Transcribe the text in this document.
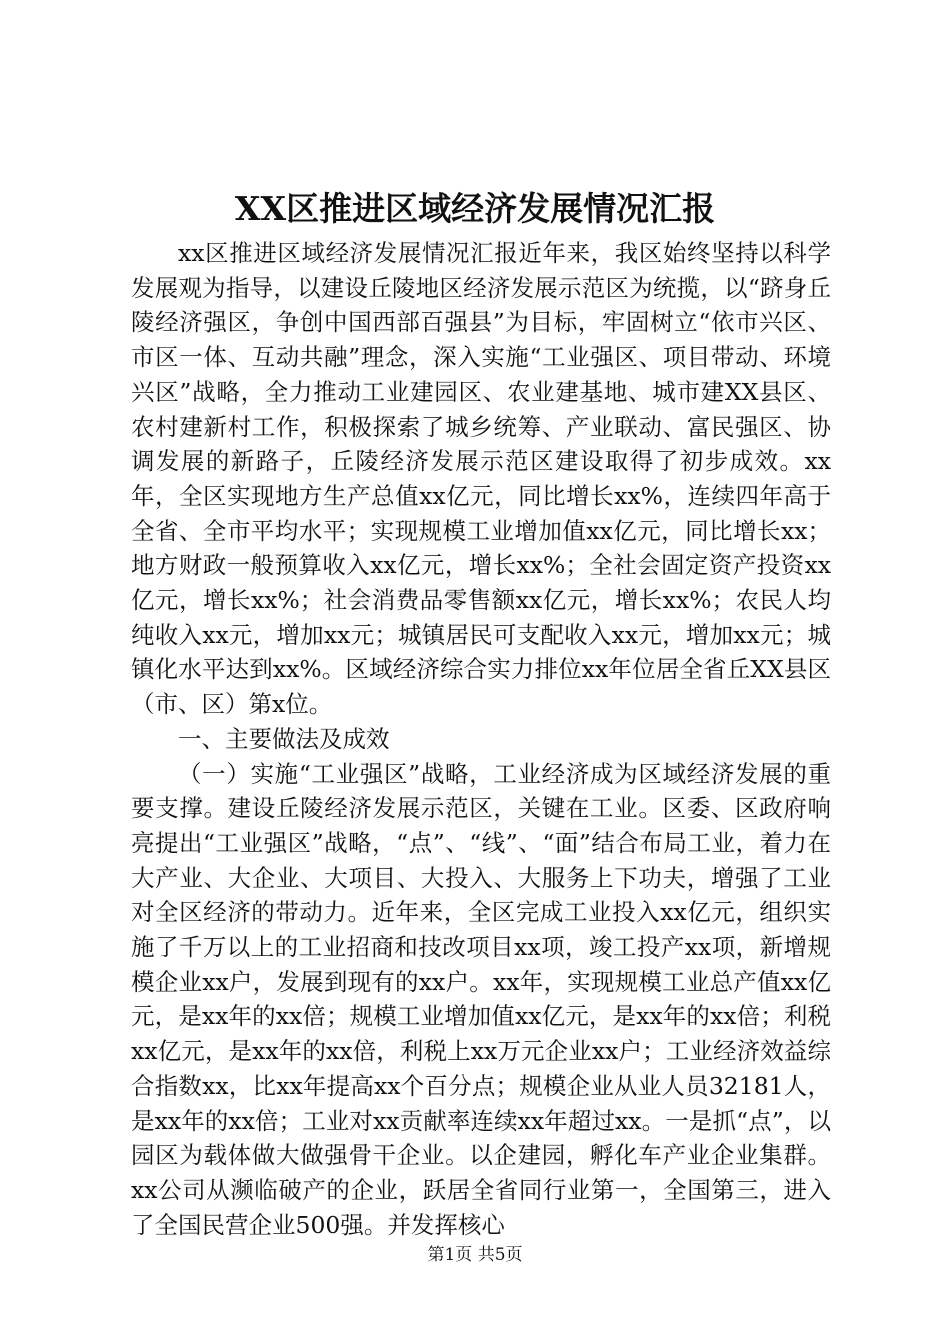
XX区推进区域经济发展情况汇报

xx区推进区域经济发展情况汇报近年来，我区始终坚持以科学发展观为指导，以建设丘陵地区经济发展示范区为统揽，以“跻身丘陵经济强区，争创中国西部百强县”为目标，牢固树立“依市兴区、市区一体、互动共融”理念，深入实施“工业强区、项目带动、环境兴区”战略，全力推动工业建园区、农业建基地、城市建XX县区、农村建新村工作，积极探索了城乡统筹、产业联动、富民强区、协调发展的新路子，丘陵经济发展示范区建设取得了初步成效。xx年，全区实现地方生产总值xx亿元，同比增长xx%，连续四年高于全省、全市平均水平；实现规模工业增加值xx亿元，同比增长xx；地方财政一般预算收入xx亿元，增长xx%；全社会固定资产投资xx亿元，增长xx%；社会消费品零售额xx亿元，增长xx%；农民人均纯收入xx元，增加xx元；城镇居民可支配收入xx元，增加xx元；城镇化水平达到xx%。区域经济综合实力排位xx年位居全省丘XX县区（市、区）第x位。

一、主要做法及成效

（一）实施“工业强区”战略，工业经济成为区域经济发展的重要支撑。建设丘陵经济发展示范区，关键在工业。区委、区政府响亮提出“工业强区”战略，“点”、“线”、“面”结合布局工业，着力在大产业、大企业、大项目、大投入、大服务上下功夫，增强了工业对全区经济的带动力。近年来，全区完成工业投入xx亿元，组织实施了千万以上的工业招商和技改项目xx项，竣工投产xx项，新增规模企业xx户，发展到现有的xx户。xx年，实现规模工业总产值xx亿元，是xx年的xx倍；规模工业增加值xx亿元，是xx年的xx倍；利税xx亿元，是xx年的xx倍，利税上xx万元企业xx户；工业经济效益综合指数xx，比xx年提高xx个百分点；规模企业从业人员32181人，是xx年的xx倍；工业对xx贡献率连续xx年超过xx。一是抓“点”，以园区为载体做大做强骨干企业。以企建园，孵化车产业企业集群。xx公司从濒临破产的企业，跃居全省同行业第一，全国第三，进入了全国民营企业500强。并发挥核心

第1页 共5页
